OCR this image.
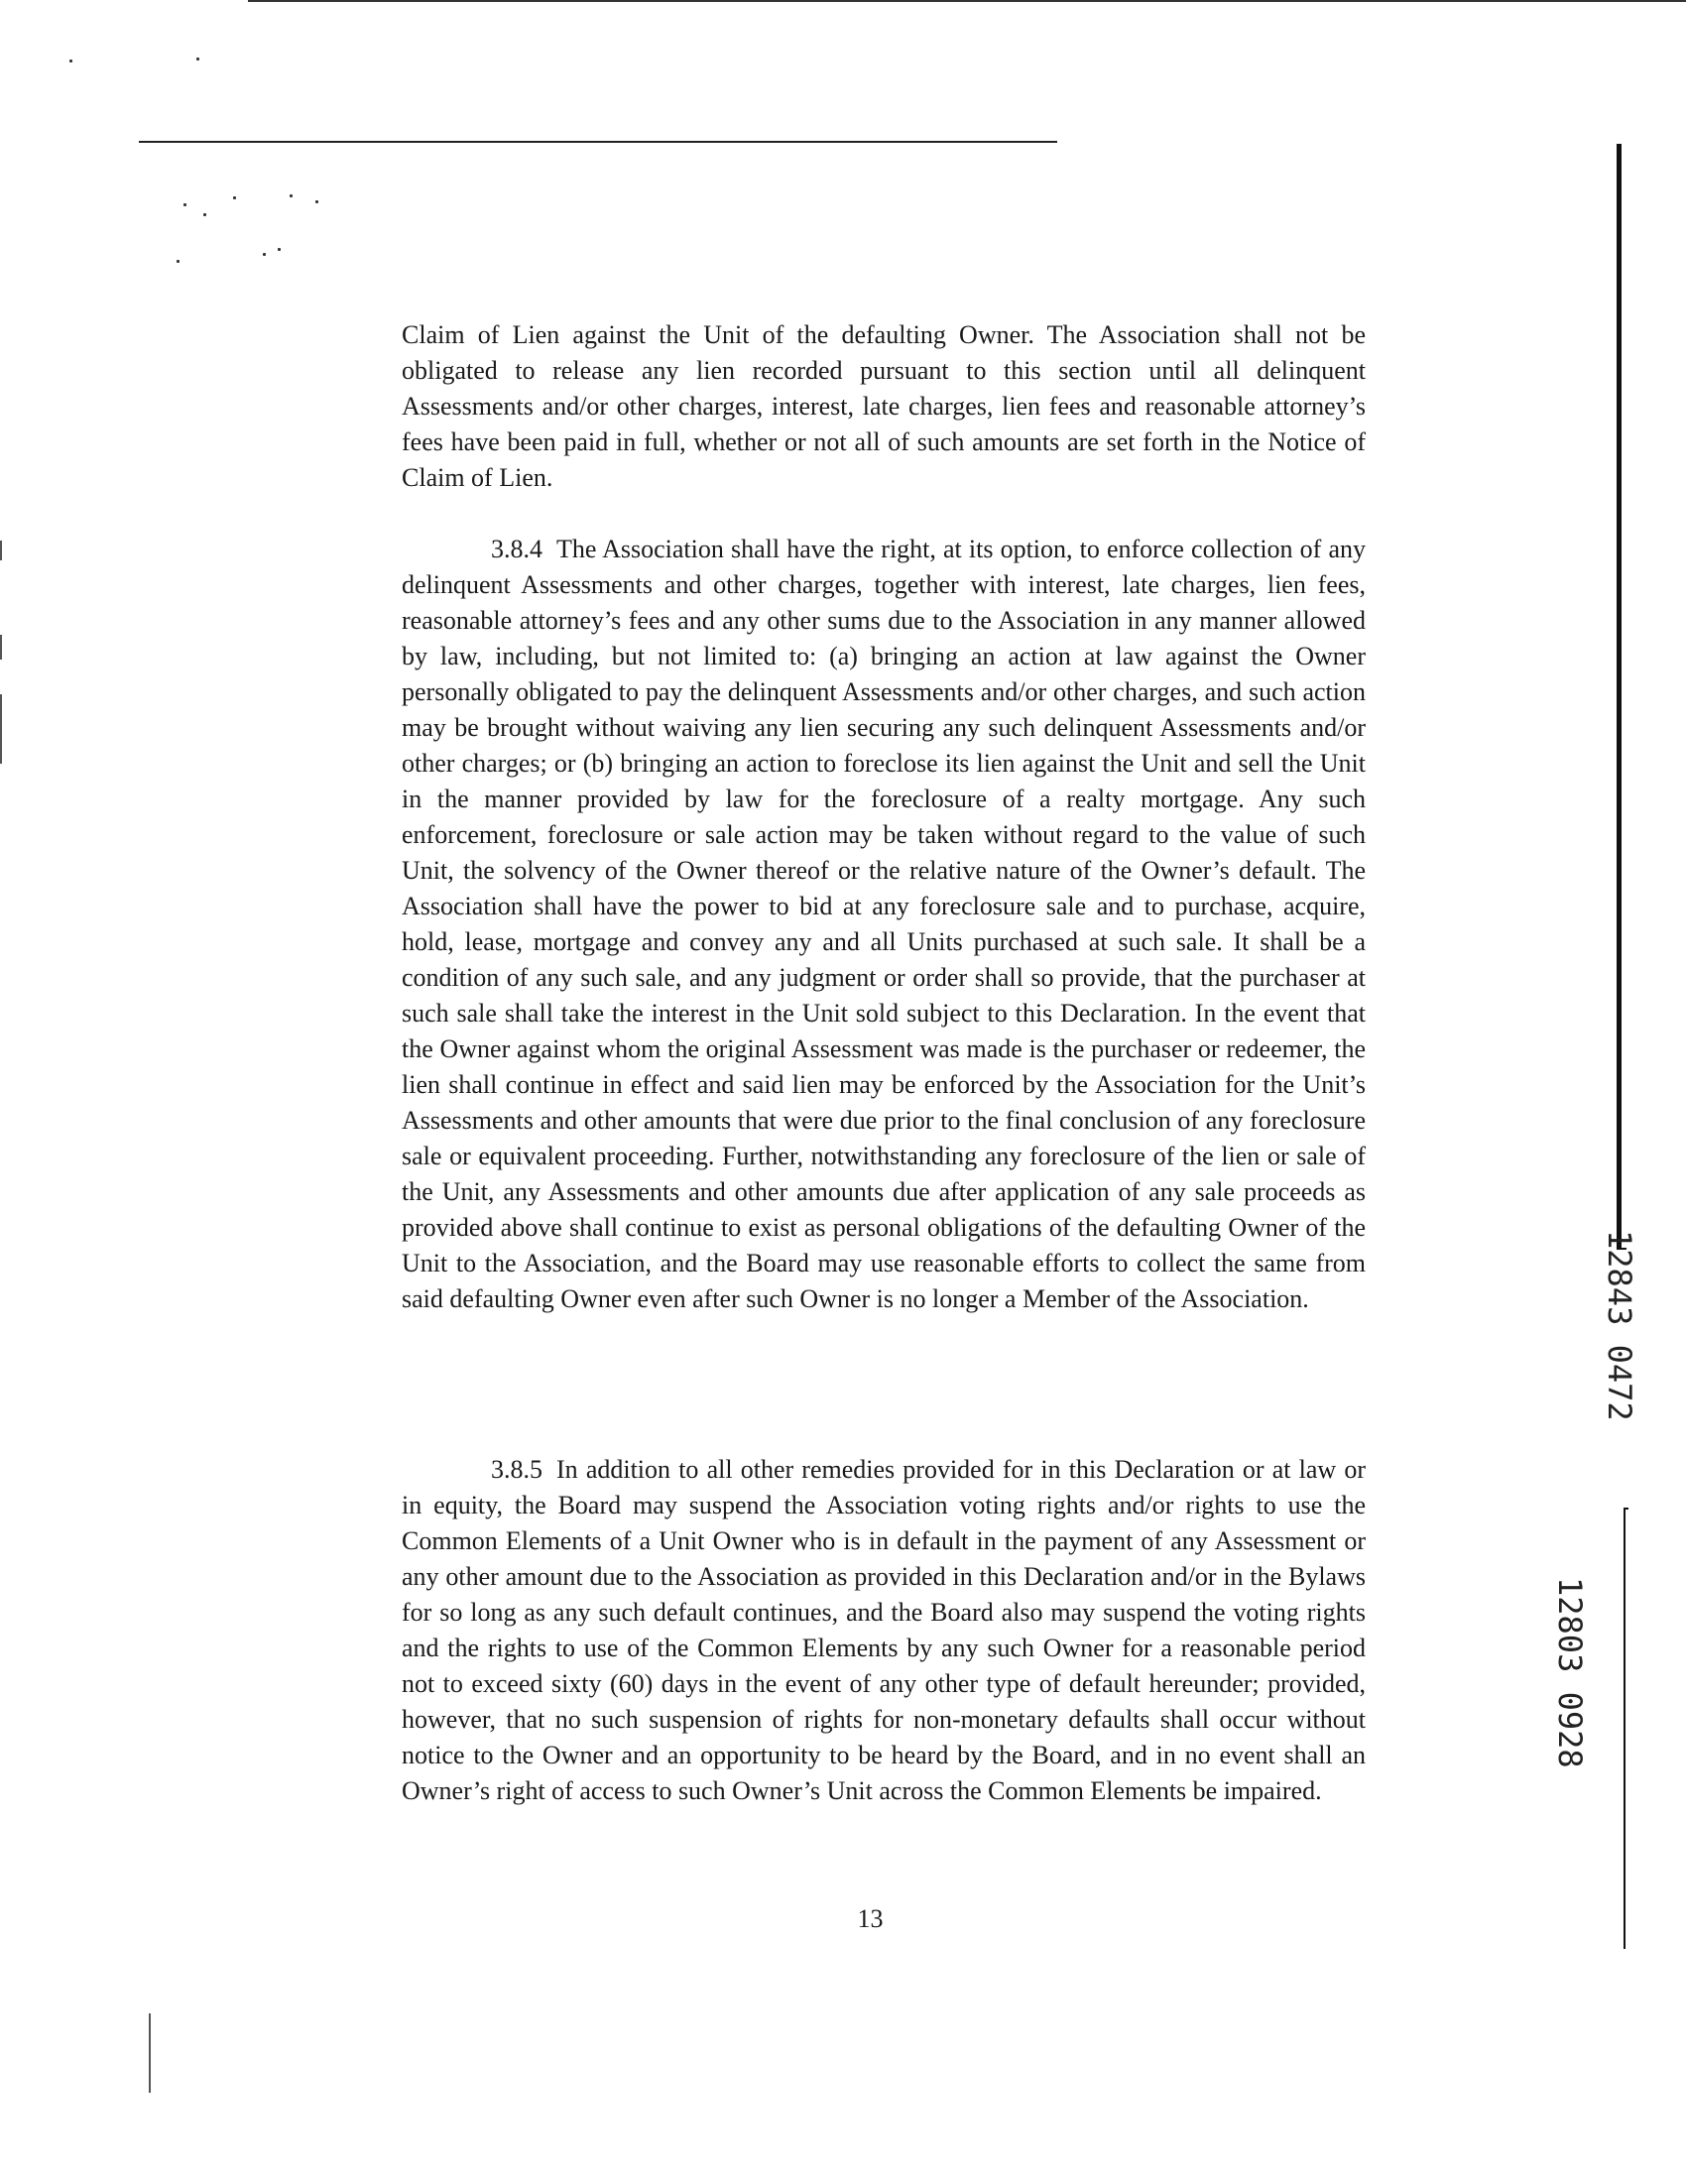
12843 0472
12803 0928

Claim of Lien against the Unit of the defaulting Owner. The Association shall not be obligated to release any lien recorded pursuant to this section until all delinquent Assessments and/or other charges, interest, late charges, lien fees and reasonable attorney’s fees have been paid in full, whether or not all of such amounts are set forth in the Notice of Claim of Lien.

3.8.4 The Association shall have the right, at its option, to enforce collection of any delinquent Assessments and other charges, together with interest, late charges, lien fees, reasonable attorney’s fees and any other sums due to the Association in any manner allowed by law, including, but not limited to: (a) bringing an action at law against the Owner personally obligated to pay the delinquent Assessments and/or other charges, and such action may be brought without waiving any lien securing any such delinquent Assessments and/or other charges; or (b) bringing an action to foreclose its lien against the Unit and sell the Unit in the manner provided by law for the foreclosure of a realty mortgage. Any such enforcement, foreclosure or sale action may be taken without regard to the value of such Unit, the solvency of the Owner thereof or the relative nature of the Owner’s default. The Association shall have the power to bid at any foreclosure sale and to purchase, acquire, hold, lease, mortgage and convey any and all Units purchased at such sale. It shall be a condition of any such sale, and any judgment or order shall so provide, that the purchaser at such sale shall take the interest in the Unit sold subject to this Declaration. In the event that the Owner against whom the original Assessment was made is the purchaser or redeemer, the lien shall continue in effect and said lien may be enforced by the Association for the Unit’s Assessments and other amounts that were due prior to the final conclusion of any foreclosure sale or equivalent proceeding. Further, notwithstanding any foreclosure of the lien or sale of the Unit, any Assessments and other amounts due after application of any sale proceeds as provided above shall continue to exist as personal obligations of the defaulting Owner of the Unit to the Association, and the Board may use reasonable efforts to collect the same from said defaulting Owner even after such Owner is no longer a Member of the Association.

3.8.5 In addition to all other remedies provided for in this Declaration or at law or in equity, the Board may suspend the Association voting rights and/or rights to use the Common Elements of a Unit Owner who is in default in the payment of any Assessment or any other amount due to the Association as provided in this Declaration and/or in the Bylaws for so long as any such default continues, and the Board also may suspend the voting rights and the rights to use of the Common Elements by any such Owner for a reasonable period not to exceed sixty (60) days in the event of any other type of default hereunder; provided, however, that no such suspension of rights for non-monetary defaults shall occur without notice to the Owner and an opportunity to be heard by the Board, and in no event shall an Owner’s right of access to such Owner’s Unit across the Common Elements be impaired.

13
